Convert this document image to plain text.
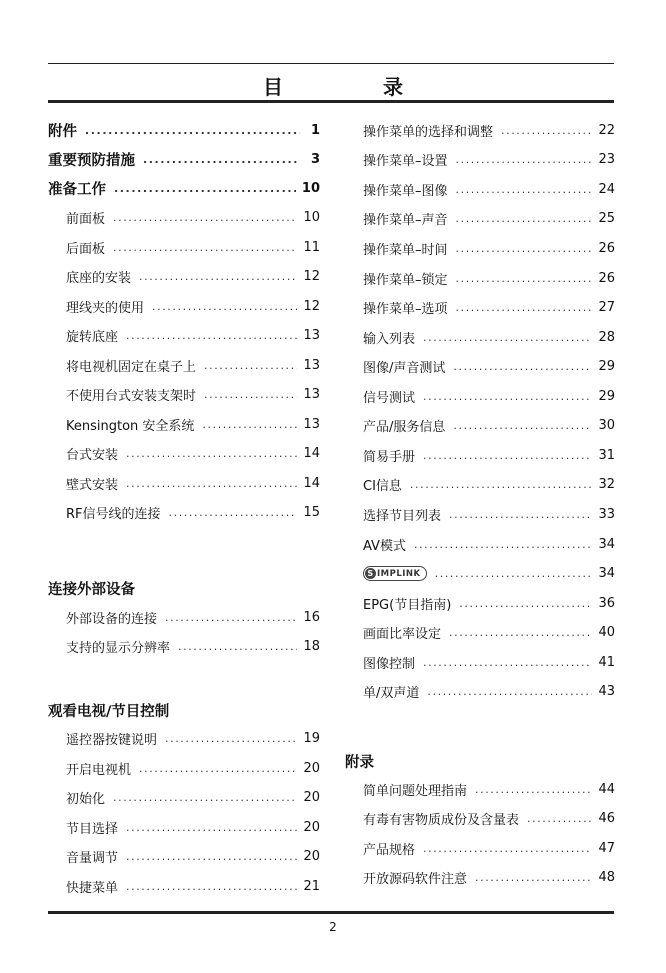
目　录
附件 .....	1
重要预防措施 .....	3
准备工作 .....	10
前面板 .....	10
后面板 .....	11
底座的安装 .....	12
理线夹的使用 .....	12
旋转底座 .....	13
将电视机固定在桌子上 .....	13
不使用台式安装支架时 .....	13
Kensington 安全系统 .....	13
台式安装 .....	14
壁式安装 .....	14
RF信号线的连接 .....	15
连接外部设备
外部设备的连接 .....	16
支持的显示分辨率 .....	18
观看电视/节目控制
遥控器按键说明 .....	19
开启电视机 .....	20
初始化 .....	20
节目选择 .....	20
音量调节 .....	20
快捷菜单 .....	21
操作菜单的选择和调整 .....	22
操作菜单–设置 .....	23
操作菜单–图像 .....	24
操作菜单–声音 .....	25
操作菜单–时间 .....	26
操作菜单–锁定 .....	26
操作菜单–选项 .....	27
输入列表 .....	28
图像/声音测试 .....	29
信号测试 .....	29
产品/服务信息 .....	30
简易手册 .....	31
CI信息 .....	32
选择节目列表 .....	33
AV模式 .....	34
S IMPLINK .....	34
EPG(节目指南) .....	36
画面比率设定 .....	40
图像控制 .....	41
单/双声道 .....	43
附录
简单问题处理指南 .....	44
有毒有害物质成份及含量表 .....	46
产品规格 .....	47
开放源码软件注意 .....	48
2
